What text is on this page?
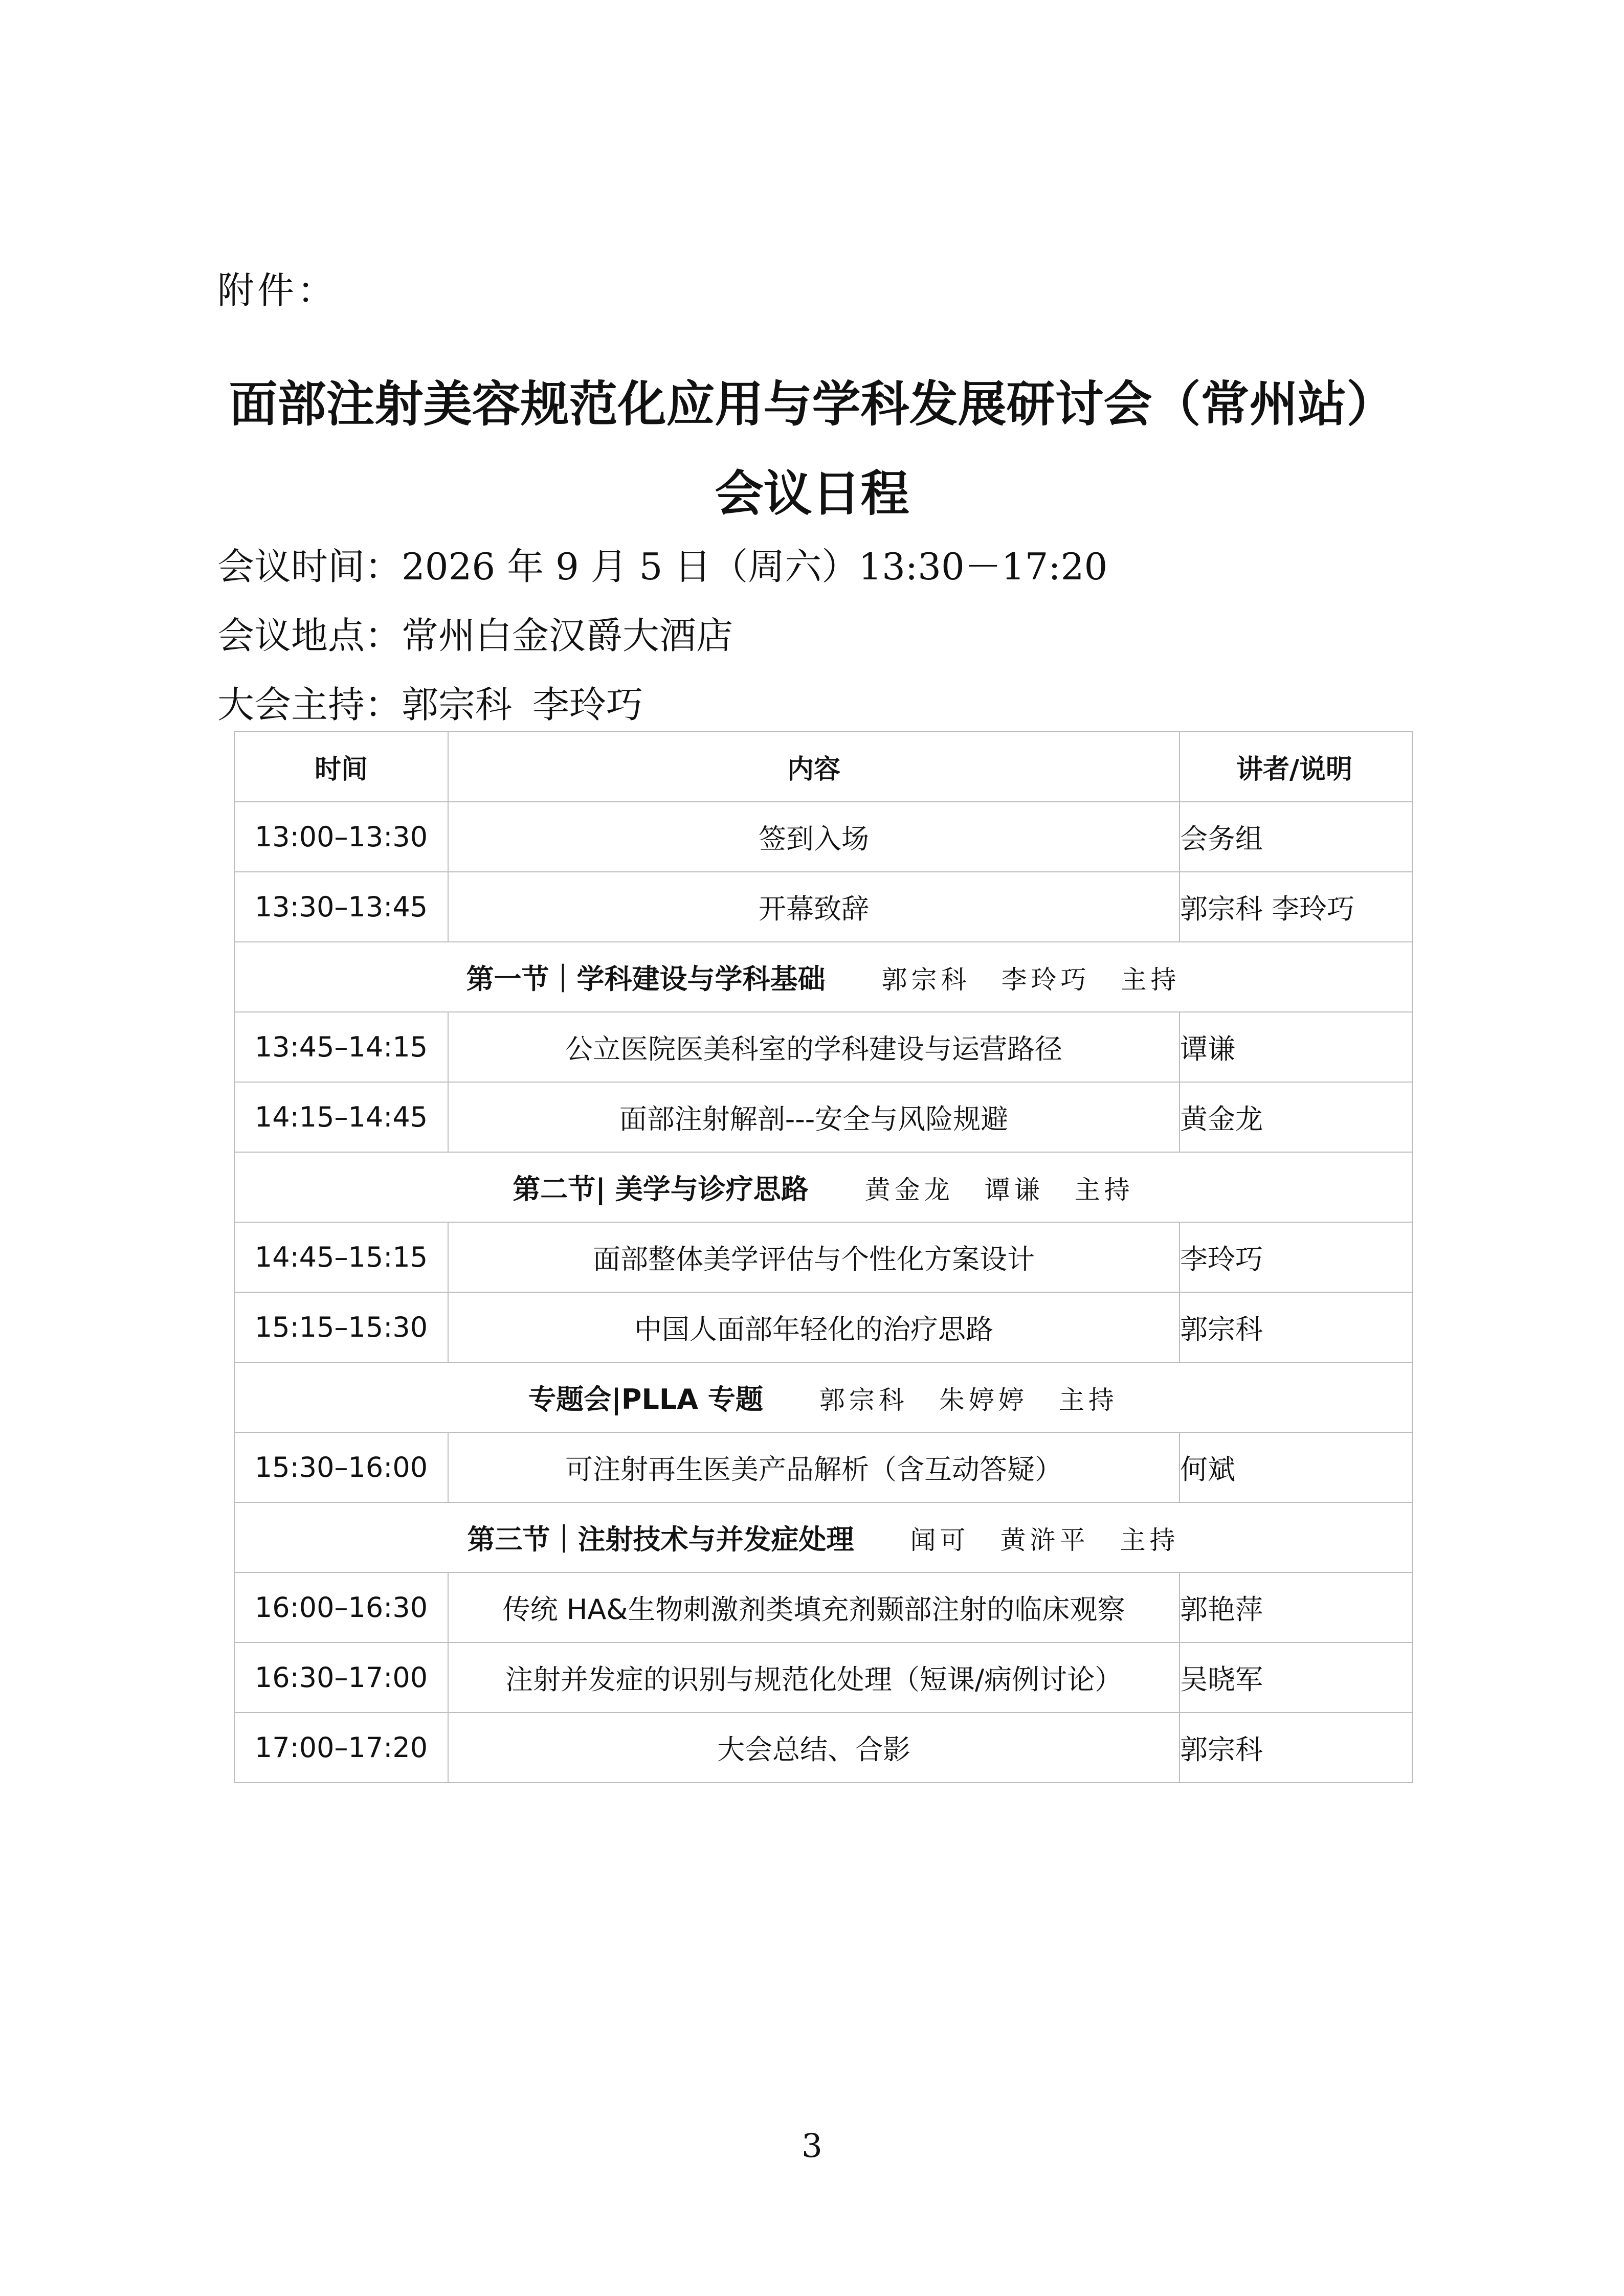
附件：
面部注射美容规范化应用与学科发展研讨会（常州站）
会议日程
会议时间：2026 年 9 月 5 日（周六）13:30－17:20
会议地点：常州白金汉爵大酒店
大会主持：郭宗科 李玲巧
时间	内容	讲者/说明
13:00–13:30	签到入场	会务组
13:30–13:45	开幕致辞	郭宗科 李玲巧
第一节｜学科建设与学科基础 郭宗科 李玲巧 主持		
13:45–14:15	公立医院医美科室的学科建设与运营路径	谭谦
14:15–14:45	面部注射解剖---安全与风险规避	黄金龙
第二节| 美学与诊疗思路 黄金龙 谭谦 主持		
14:45–15:15	面部整体美学评估与个性化方案设计	李玲巧
15:15–15:30	中国人面部年轻化的治疗思路	郭宗科
专题会|PLLA 专题 郭宗科 朱婷婷 主持		
15:30–16:00	可注射再生医美产品解析（含互动答疑）	何斌
第三节｜注射技术与并发症处理 闻可 黄浒平 主持		
16:00–16:30	传统 HA&生物刺激剂类填充剂颞部注射的临床观察	郭艳萍
16:30–17:00	注射并发症的识别与规范化处理（短课/病例讨论）	吴晓军
17:00–17:20	大会总结、合影	郭宗科
3
